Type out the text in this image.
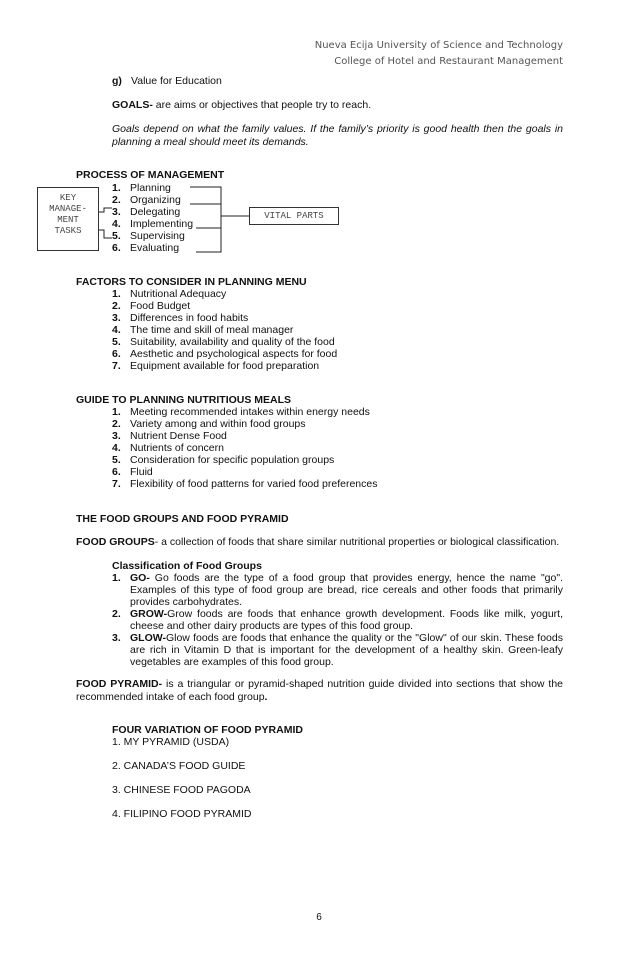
Nueva Ecija University of Science and Technology
College of Hotel and Restaurant Management
g) Value for Education
GOALS- are aims or objectives that people try to reach.
Goals depend on what the family values. If the family’s priority is good health then the goals in planning a meal should meet its demands.
PROCESS OF MANAGEMENT
KEY
MANAGE-
MENT
TASKS
VITAL PARTS
1. Planning
2. Organizing
3. Delegating
4. Implementing
5. Supervising
6. Evaluating
FACTORS TO CONSIDER IN PLANNING MENU
1. Nutritional Adequacy
2. Food Budget
3. Differences in food habits
4. The time and skill of meal manager
5. Suitability, availability and quality of the food
6. Aesthetic and psychological aspects for food
7. Equipment available for food preparation
GUIDE TO PLANNING NUTRITIOUS MEALS
1. Meeting recommended intakes within energy needs
2. Variety among and within food groups
3. Nutrient Dense Food
4. Nutrients of concern
5. Consideration for specific population groups
6. Fluid
7. Flexibility of food patterns for varied food preferences
THE FOOD GROUPS AND FOOD PYRAMID
FOOD GROUPS- a collection of foods that share similar nutritional properties or biological classification.
Classification of Food Groups
1. GO- Go foods are the type of a food group that provides energy, hence the name "go". Examples of this type of food group are bread, rice cereals and other foods that primarily provides carbohydrates.
2. GROW-Grow foods are foods that enhance growth development. Foods like milk, yogurt, cheese and other dairy products are types of this food group.
3. GLOW-Glow foods are foods that enhance the quality or the "Glow" of our skin. These foods are rich in Vitamin D that is important for the development of a healthy skin. Green-leafy vegetables are examples of this food group.
FOOD PYRAMID- is a triangular or pyramid-shaped nutrition guide divided into sections that show the recommended intake of each food group.
FOUR VARIATION OF FOOD PYRAMID
1. MY PYRAMID (USDA)
2. CANADA’S FOOD GUIDE
3. CHINESE FOOD PAGODA
4. FILIPINO FOOD PYRAMID
6
